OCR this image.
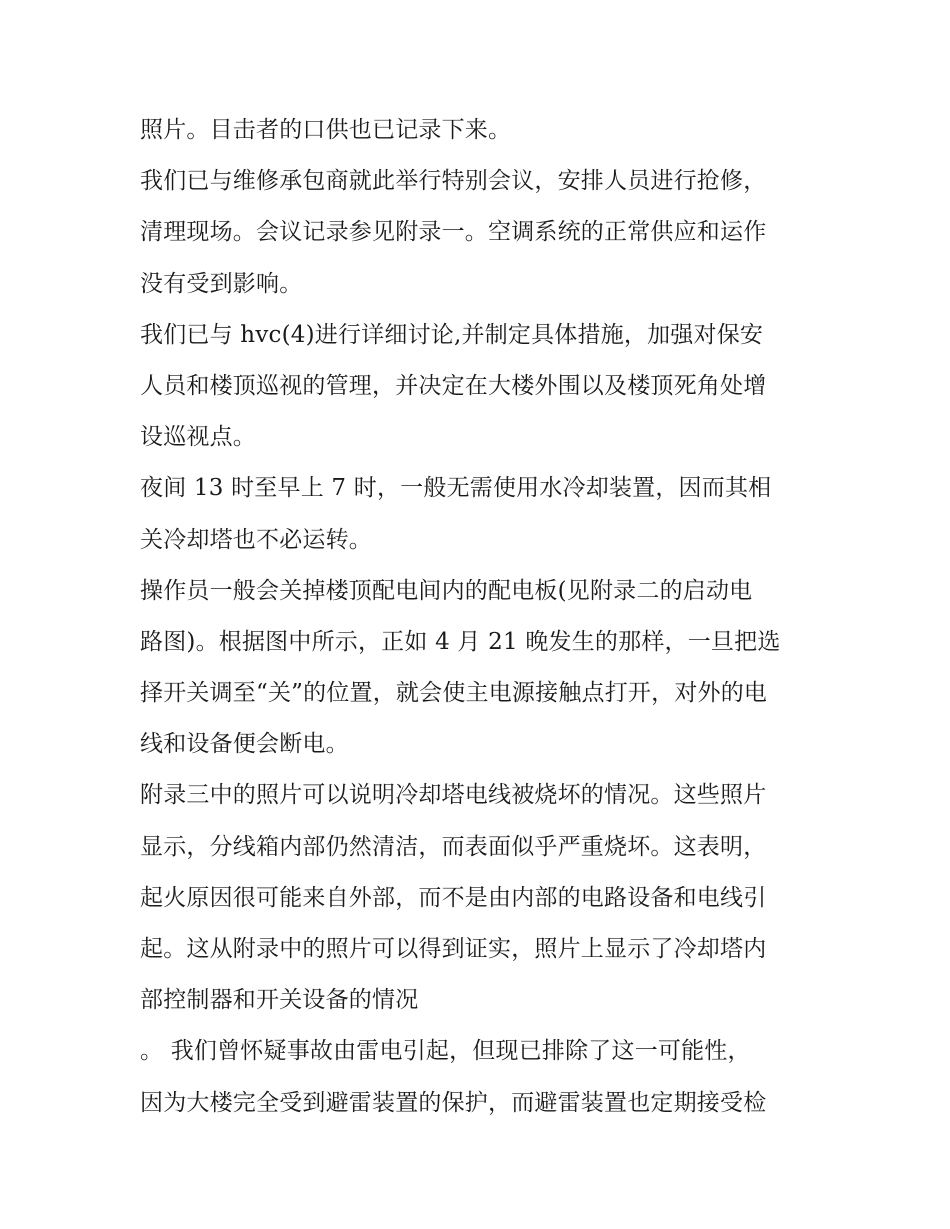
照片。目击者的口供也已记录下来。
我们已与维修承包商就此举行特别会议，安排人员进行抢修，
清理现场。会议记录参见附录一。空调系统的正常供应和运作
没有受到影响。
我们已与 hvc(4)进行详细讨论,并制定具体措施，加强对保安
人员和楼顶巡视的管理，并决定在大楼外围以及楼顶死角处增
设巡视点。
夜间 13 时至早上 7 时，一般无需使用水冷却装置，因而其相
关冷却塔也不必运转。
操作员一般会关掉楼顶配电间内的配电板(见附录二的启动电
路图)。根据图中所示，正如 4 月 21 晚发生的那样，一旦把选
择开关调至“关”的位置，就会使主电源接触点打开，对外的电
线和设备便会断电。
附录三中的照片可以说明冷却塔电线被烧坏的情况。这些照片
显示，分线箱内部仍然清洁，而表面似乎严重烧坏。这表明，
起火原因很可能来自外部，而不是由内部的电路设备和电线引
起。这从附录中的照片可以得到证实，照片上显示了冷却塔内
部控制器和开关设备的情况
。 我们曾怀疑事故由雷电引起，但现已排除了这一可能性，
因为大楼完全受到避雷装置的保护，而避雷装置也定期接受检
